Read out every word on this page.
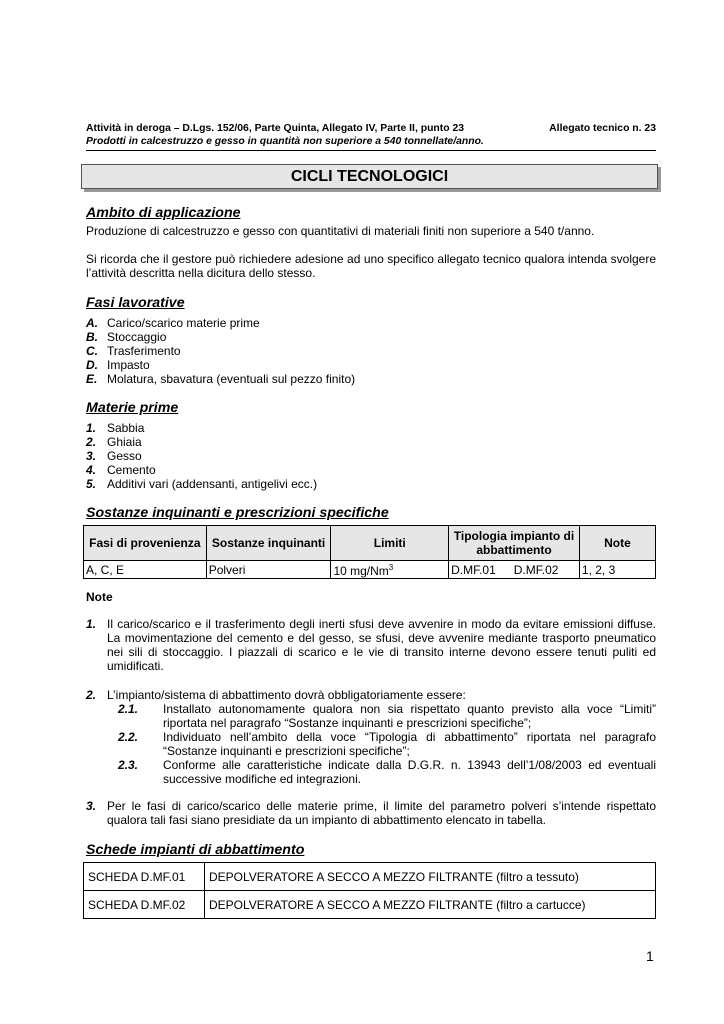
Attività in deroga – D.Lgs. 152/06, Parte Quinta, Allegato IV, Parte II, punto 23	Allegato tecnico n. 23
Prodotti in calcestruzzo e gesso in quantità non superiore a 540 tonnellate/anno.
CICLI TECNOLOGICI
Ambito di applicazione
Produzione di calcestruzzo e gesso con quantitativi di materiali finiti non superiore a 540 t/anno.
Si ricorda che il gestore può richiedere adesione ad uno specifico allegato tecnico qualora intenda svolgere l’attività descritta nella dicitura dello stesso.
Fasi lavorative
A. Carico/scarico materie prime
B. Stoccaggio
C. Trasferimento
D. Impasto
E. Molatura, sbavatura (eventuali sul pezzo finito)
Materie prime
1. Sabbia
2. Ghiaia
3. Gesso
4. Cemento
5. Additivi vari (addensanti, antigelivi ecc.)
Sostanze inquinanti e prescrizioni specifiche
Fasi di provenienza	Sostanze inquinanti	Limiti	Tipologia impianto di abbattimento	Note
A, C, E	Polveri	10 mg/Nm$^3$	D.MF.01 D.MF.02	1, 2, 3
Note
1. Il carico/scarico e il trasferimento degli inerti sfusi deve avvenire in modo da evitare emissioni diffuse. La movimentazione del cemento e del gesso, se sfusi, deve avvenire mediante trasporto pneumatico nei sili di stoccaggio. I piazzali di scarico e le vie di transito interne devono essere tenuti puliti ed umidificati.
2. L’impianto/sistema di abbattimento dovrà obbligatoriamente essere:
2.1. Installato autonomamente qualora non sia rispettato quanto previsto alla voce “Limiti” riportata nel paragrafo “Sostanze inquinanti e prescrizioni specifiche”;
2.2. Individuato nell’ambito della voce “Tipologia di abbattimento” riportata nel paragrafo “Sostanze inquinanti e prescrizioni specifiche”;
2.3. Conforme alle caratteristiche indicate dalla D.G.R. n. 13943 dell’1/08/2003 ed eventuali successive modifiche ed integrazioni.
3. Per le fasi di carico/scarico delle materie prime, il limite del parametro polveri s’intende rispettato qualora tali fasi siano presidiate da un impianto di abbattimento elencato in tabella.
Schede impianti di abbattimento
SCHEDA D.MF.01	DEPOLVERATORE A SECCO A MEZZO FILTRANTE (filtro a tessuto)
SCHEDA D.MF.02	DEPOLVERATORE A SECCO A MEZZO FILTRANTE (filtro a cartucce)
1
